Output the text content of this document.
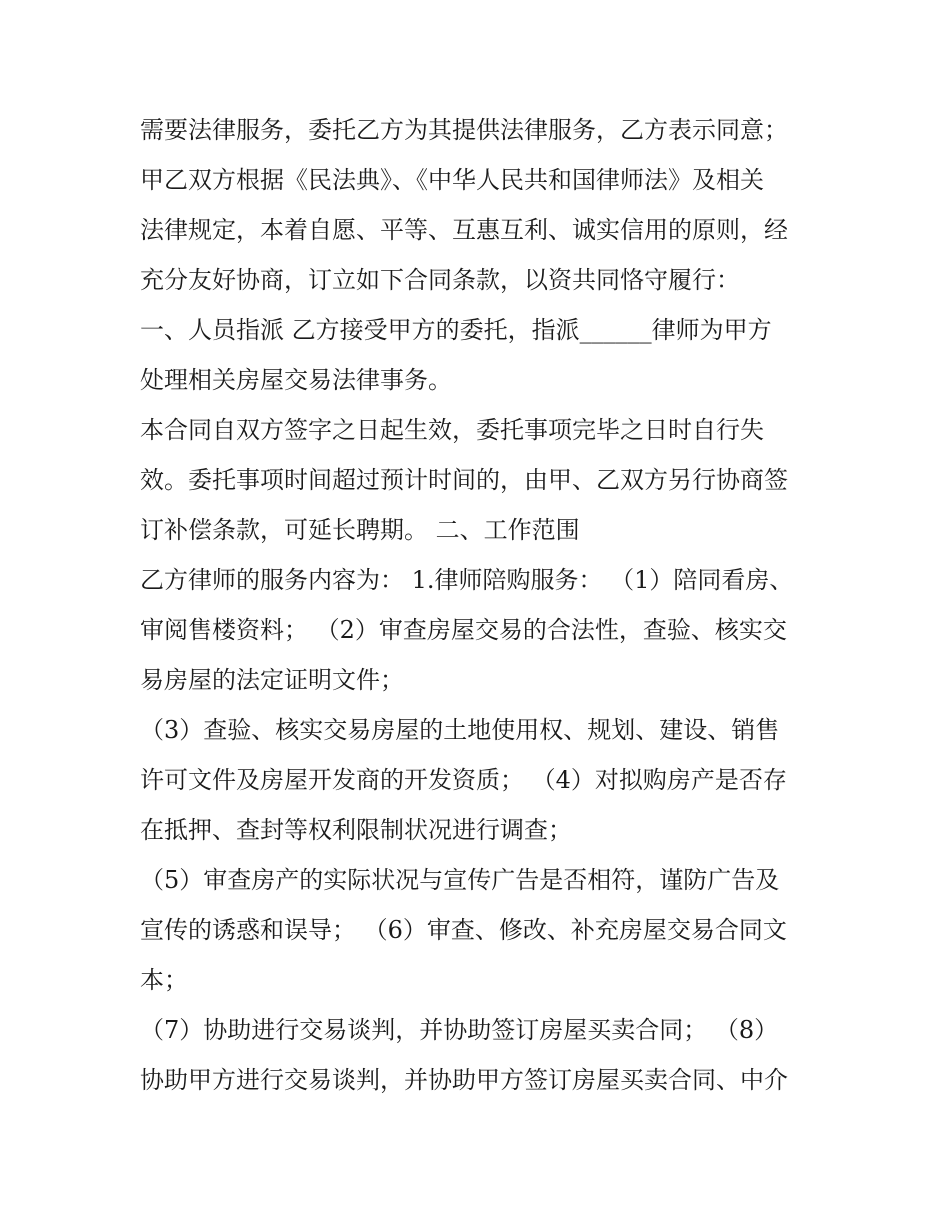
需要法律服务，委托乙方为其提供法律服务，乙方表示同意；
甲乙双方根据《民法典》、《中华人民共和国律师法》及相关
法律规定，本着自愿、平等、互惠互利、诚实信用的原则，经
充分友好协商，订立如下合同条款，以资共同恪守履行：
一、人员指派 乙方接受甲方的委托，指派______律师为甲方
处理相关房屋交易法律事务。
本合同自双方签字之日起生效，委托事项完毕之日时自行失
效。委托事项时间超过预计时间的，由甲、乙双方另行协商签
订补偿条款，可延长聘期。 二、工作范围
乙方律师的服务内容为： 1.律师陪购服务： （1）陪同看房、
审阅售楼资料； （2）审查房屋交易的合法性，查验、核实交
易房屋的法定证明文件；
（3）查验、核实交易房屋的土地使用权、规划、建设、销售
许可文件及房屋开发商的开发资质； （4）对拟购房产是否存
在抵押、查封等权利限制状况进行调查；
（5）审查房产的实际状况与宣传广告是否相符，谨防广告及
宣传的诱惑和误导； （6）审查、修改、补充房屋交易合同文
本；
（7）协助进行交易谈判，并协助签订房屋买卖合同； （8）
协助甲方进行交易谈判，并协助甲方签订房屋买卖合同、中介
